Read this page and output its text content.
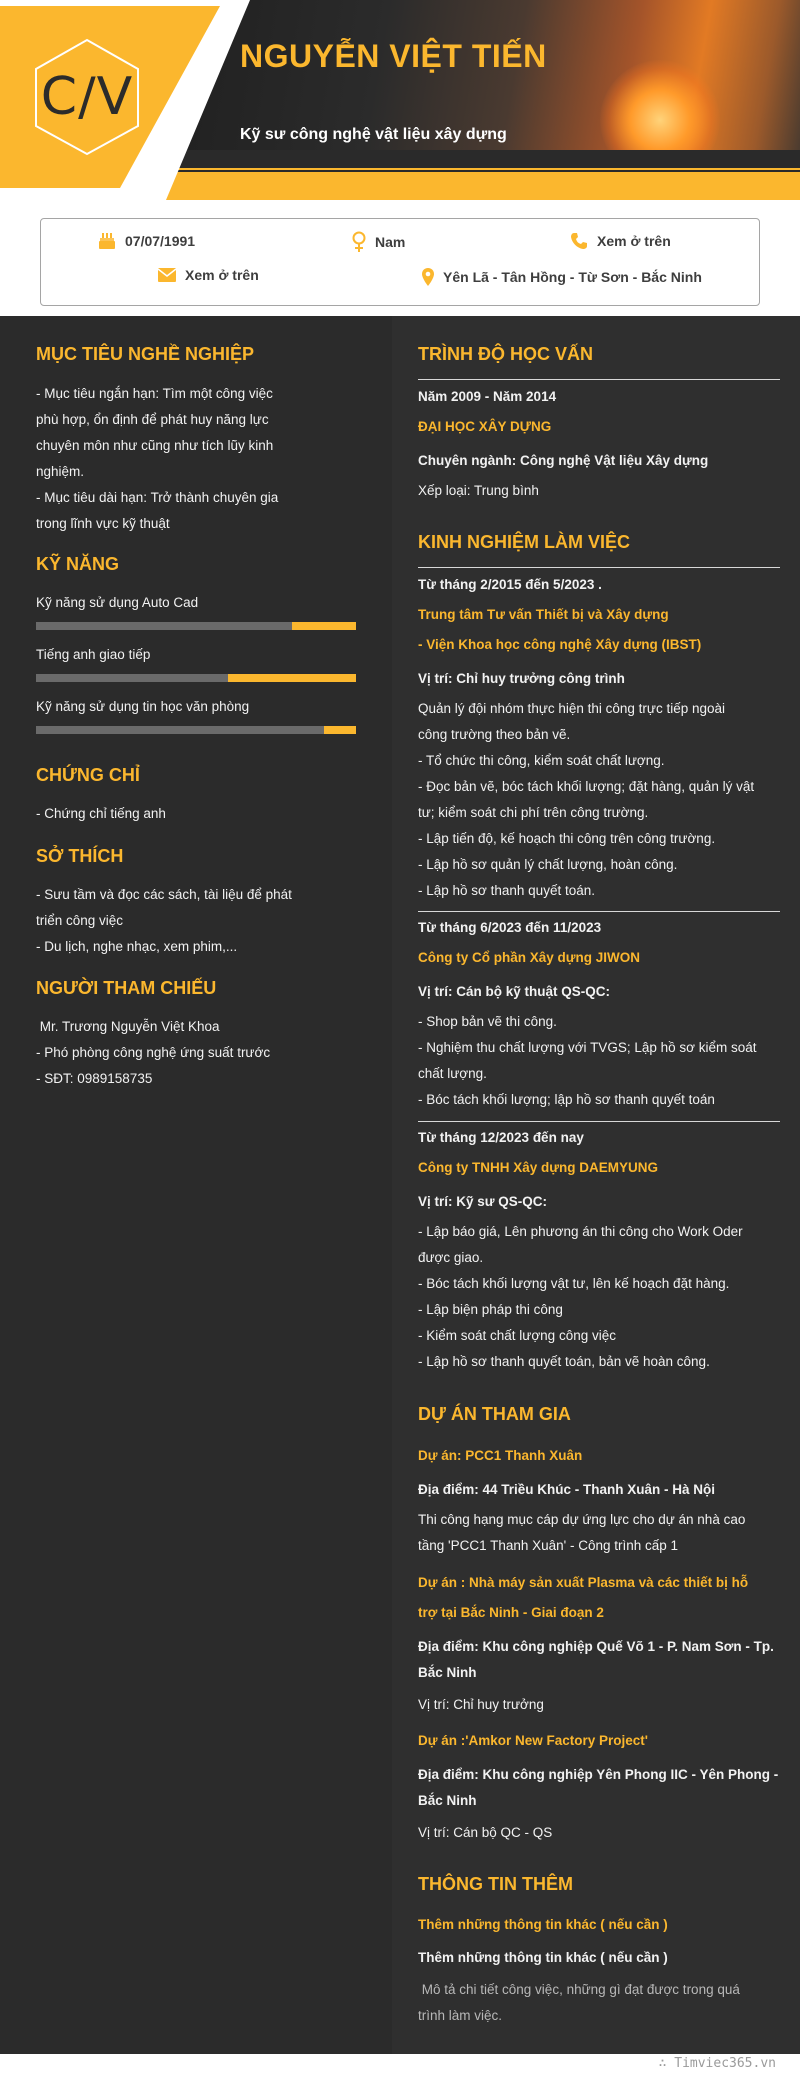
C/V
NGUYỄN VIỆT TIẾN
Kỹ sư công nghệ vật liệu xây dựng
07/07/1991	Nam	Xem ở trên
Xem ở trên	Yên Lã - Tân Hồng - Từ Sơn - Bắc Ninh
MỤC TIÊU NGHỀ NGHIỆP
- Mục tiêu ngắn hạn: Tìm một công việc
phù hợp, ổn định để phát huy năng lực
chuyên môn như cũng như tích lũy kinh
nghiệm.
- Mục tiêu dài hạn: Trở thành chuyên gia
trong lĩnh vực kỹ thuật
KỸ NĂNG
Kỹ năng sử dụng Auto Cad
Tiếng anh giao tiếp
Kỹ năng sử dụng tin học văn phòng
CHỨNG CHỈ
- Chứng chỉ tiếng anh
SỞ THÍCH
- Sưu tầm và đọc các sách, tài liệu để phát
triển công việc
- Du lịch, nghe nhạc, xem phim,...
NGƯỜI THAM CHIẾU
Mr. Trương Nguyễn Việt Khoa
- Phó phòng công nghệ ứng suất trước
- SĐT: 0989158735
TRÌNH ĐỘ HỌC VẤN
Năm 2009 - Năm 2014
ĐẠI HỌC XÂY DỰNG
Chuyên ngành: Công nghệ Vật liệu Xây dựng
Xếp loại: Trung bình
KINH NGHIỆM LÀM VIỆC
Từ tháng 2/2015 đến 5/2023 .
Trung tâm Tư vấn Thiết bị và Xây dựng
- Viện Khoa học công nghệ Xây dựng (IBST)
Vị trí: Chỉ huy trưởng công trình
Quản lý đội nhóm thực hiện thi công trực tiếp ngoài
công trường theo bản vẽ.
- Tổ chức thi công, kiểm soát chất lượng.
- Đọc bản vẽ, bóc tách khối lượng; đặt hàng, quản lý vật
tư; kiểm soát chi phí trên công trường.
- Lập tiến độ, kế hoạch thi công trên công trường.
- Lập hồ sơ quản lý chất lượng, hoàn công.
- Lập hồ sơ thanh quyết toán.
Từ tháng 6/2023 đến 11/2023
Công ty Cổ phần Xây dựng JIWON
Vị trí: Cán bộ kỹ thuật QS-QC:
- Shop bản vẽ thi công.
- Nghiệm thu chất lượng với TVGS; Lập hồ sơ kiểm soát
chất lượng.
- Bóc tách khối lượng; lập hồ sơ thanh quyết toán
Từ tháng 12/2023 đến nay
Công ty TNHH Xây dựng DAEMYUNG
Vị trí: Kỹ sư QS-QC:
- Lập báo giá, Lên phương án thi công cho Work Oder
được giao.
- Bóc tách khối lượng vật tư, lên kế hoạch đặt hàng.
- Lập biện pháp thi công
- Kiểm soát chất lượng công việc
- Lập hồ sơ thanh quyết toán, bản vẽ hoàn công.
DỰ ÁN THAM GIA
Dự án: PCC1 Thanh Xuân
Địa điểm: 44 Triều Khúc - Thanh Xuân - Hà Nội
Thi công hạng mục cáp dự ứng lực cho dự án nhà cao
tầng 'PCC1 Thanh Xuân' - Công trình cấp 1
Dự án : Nhà máy sản xuất Plasma và các thiết bị hỗ
trợ tại Bắc Ninh - Giai đoạn 2
Địa điểm: Khu công nghiệp Quế Võ 1 - P. Nam Sơn - Tp.
Bắc Ninh
Vị trí: Chỉ huy trưởng
Dự án :'Amkor New Factory Project'
Địa điểm: Khu công nghiệp Yên Phong IIC - Yên Phong -
Bắc Ninh
Vị trí: Cán bộ QC - QS
THÔNG TIN THÊM
Thêm những thông tin khác ( nếu cần )
Thêm những thông tin khác ( nếu cần )
Mô tả chi tiết công việc, những gì đạt được trong quá
trình làm việc.
∴ Timviec365.vn
